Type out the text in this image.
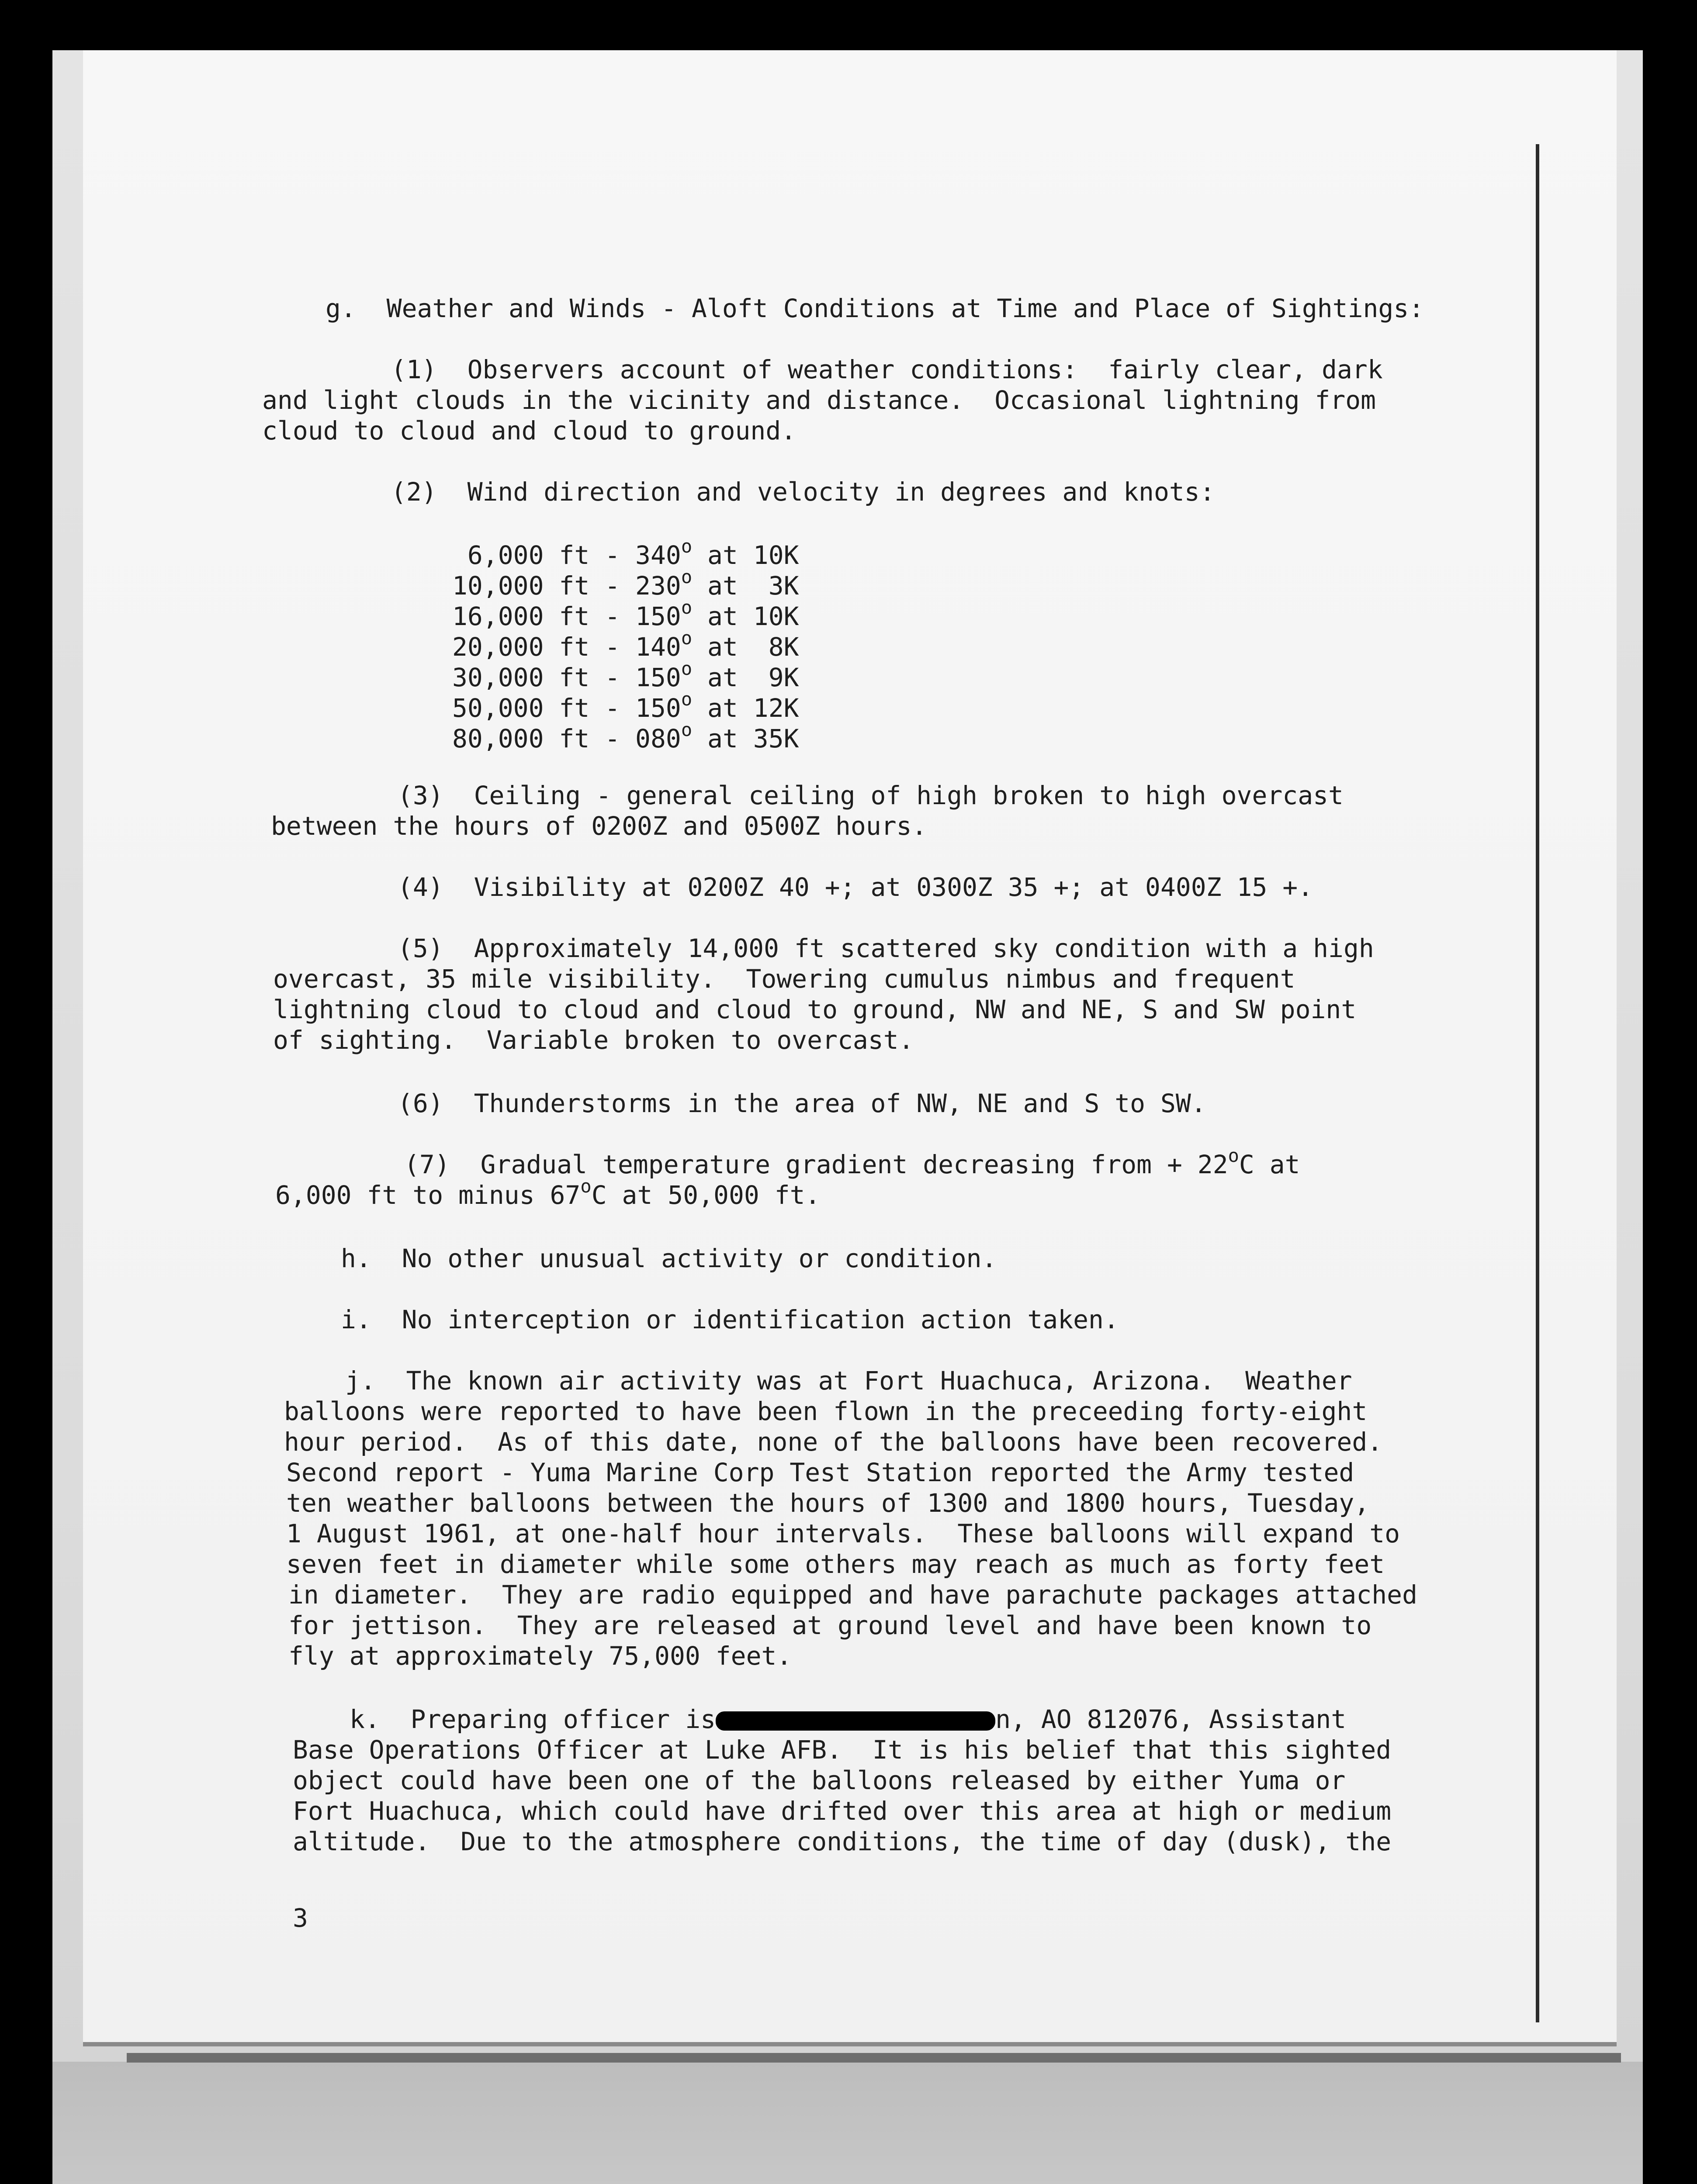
g.  Weather and Winds - Aloft Conditions at Time and Place of Sightings:
(1)  Observers account of weather conditions:  fairly clear, dark
and light clouds in the vicinity and distance.  Occasional lightning from
cloud to cloud and cloud to ground.
(2)  Wind direction and velocity in degrees and knots:
6,000 ft - 340$^o$ at 10K
10,000 ft - 230$^o$ at  3K
16,000 ft - 150$^o$ at 10K
20,000 ft - 140$^o$ at  8K
30,000 ft - 150$^o$ at  9K
50,000 ft - 150$^o$ at 12K
80,000 ft - 080$^o$ at 35K
(3)  Ceiling - general ceiling of high broken to high overcast
between the hours of 0200Z and 0500Z hours.
(4)  Visibility at 0200Z 40 +; at 0300Z 35 +; at 0400Z 15 +.
(5)  Approximately 14,000 ft scattered sky condition with a high
overcast, 35 mile visibility.  Towering cumulus nimbus and frequent
lightning cloud to cloud and cloud to ground, NW and NE, S and SW point
of sighting.  Variable broken to overcast.
(6)  Thunderstorms in the area of NW, NE and S to SW.
(7)  Gradual temperature gradient decreasing from + $22^oC$ at
6,000 ft to minus 67$^o$C at 50,000 ft.
h.  No other unusual activity or condition.
i.  No interception or identification action taken.
j.  The known air activity was at Fort Huachuca, Arizona.  Weather
balloons were reported to have been flown in the preceeding forty-eight
hour period.  As of this date, none of the balloons have been recovered.
Second report - Yuma Marine Corp Test Station reported the Army tested
ten weather balloons between the hours of 1300 and 1800 hours, Tuesday,
1 August 1961, at one-half hour intervals.  These balloons will expand to
seven feet in diameter while some others may reach as much as forty feet
in diameter.  They are radio equipped and have parachute packages attached
for jettison.  They are released at ground level and have been known to
fly at approximately 75,000 feet.
k.  Preparing officer is	n, AO 812076, Assistant
Base Operations Officer at Luke AFB.  It is his belief that this sighted
object could have been one of the balloons released by either Yuma or
Fort Huachuca, which could have drifted over this area at high or medium
altitude.  Due to the atmosphere conditions, the time of day (dusk), the
3
